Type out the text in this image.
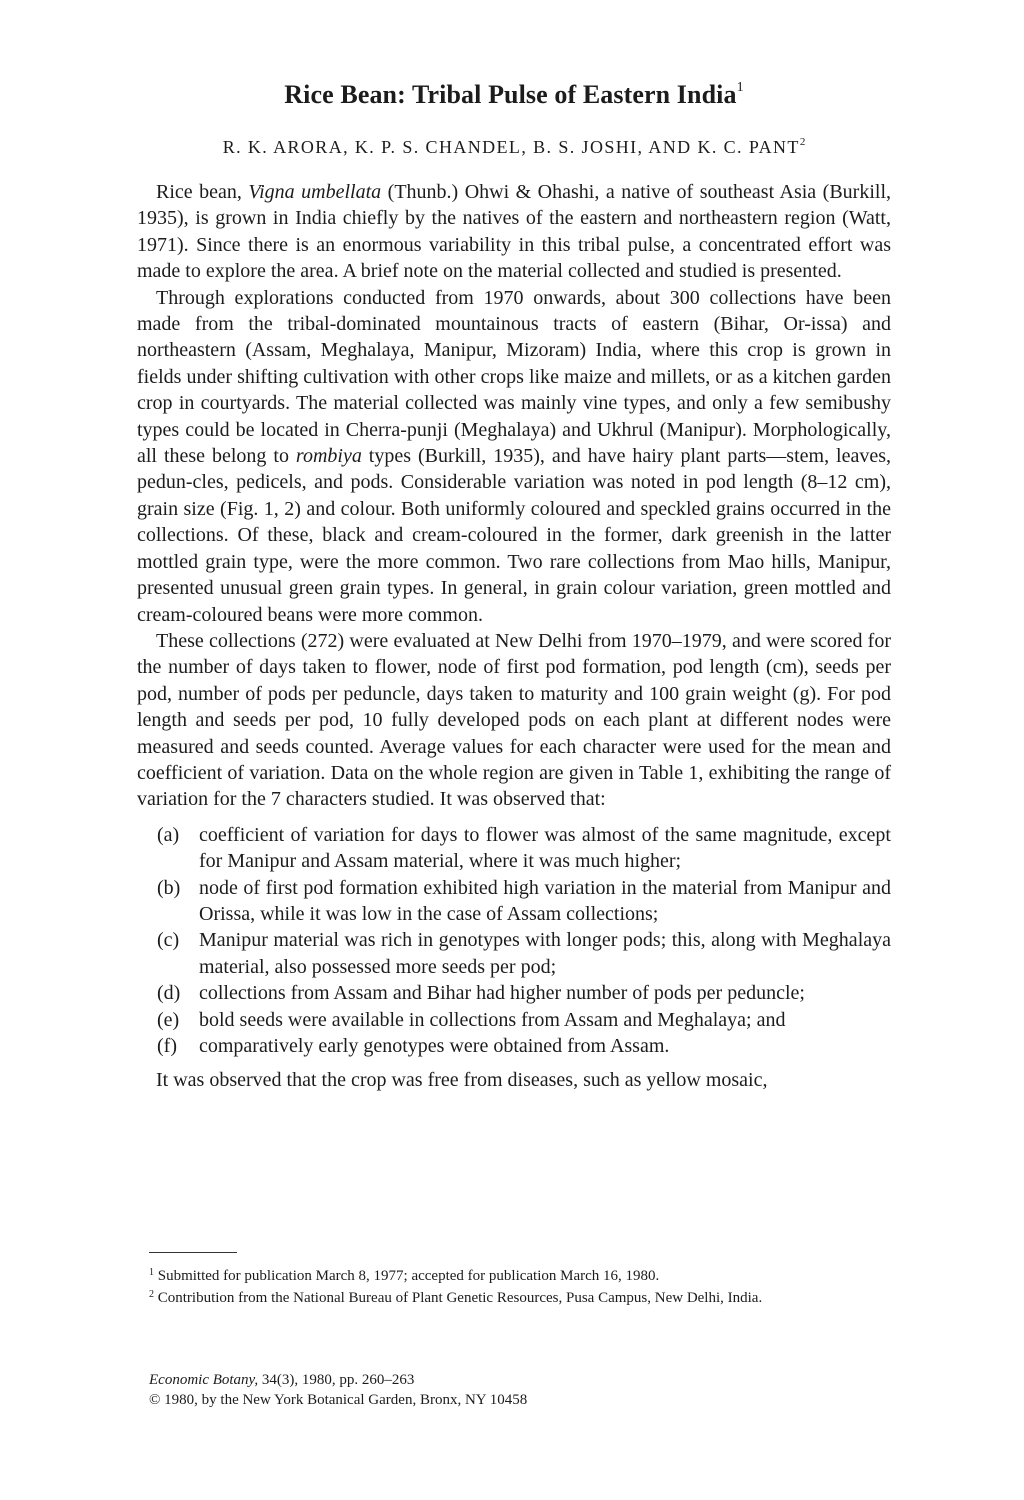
Rice Bean: Tribal Pulse of Eastern India$^1$
R. K. ARORA, K. P. S. CHANDEL, B. S. JOSHI, AND K. C. PANT$^2$

Rice bean, Vigna umbellata (Thunb.) Ohwi & Ohashi, a native of southeast Asia (Burkill, 1935), is grown in India chiefly by the natives of the eastern and northeastern region (Watt, 1971). Since there is an enormous variability in this tribal pulse, a concentrated effort was made to explore the area. A brief note on the material collected and studied is presented.

Through explorations conducted from 1970 onwards, about 300 collections have been made from the tribal-dominated mountainous tracts of eastern (Bihar, Or-issa) and northeastern (Assam, Meghalaya, Manipur, Mizoram) India, where this crop is grown in fields under shifting cultivation with other crops like maize and millets, or as a kitchen garden crop in courtyards. The material collected was mainly vine types, and only a few semibushy types could be located in Cherra-punji (Meghalaya) and Ukhrul (Manipur). Morphologically, all these belong to rombiya types (Burkill, 1935), and have hairy plant parts—stem, leaves, pedun-cles, pedicels, and pods. Considerable variation was noted in pod length (8–12 cm), grain size (Fig. 1, 2) and colour. Both uniformly coloured and speckled grains occurred in the collections. Of these, black and cream-coloured in the former, dark greenish in the latter mottled grain type, were the more common. Two rare collections from Mao hills, Manipur, presented unusual green grain types. In general, in grain colour variation, green mottled and cream-coloured beans were more common.

These collections (272) were evaluated at New Delhi from 1970–1979, and were scored for the number of days taken to flower, node of first pod formation, pod length (cm), seeds per pod, number of pods per peduncle, days taken to maturity and 100 grain weight (g). For pod length and seeds per pod, 10 fully developed pods on each plant at different nodes were measured and seeds counted. Average values for each character were used for the mean and coefficient of variation. Data on the whole region are given in Table 1, exhibiting the range of variation for the 7 characters studied. It was observed that:

(a) coefficient of variation for days to flower was almost of the same magnitude, except for Manipur and Assam material, where it was much higher;
(b) node of first pod formation exhibited high variation in the material from Manipur and Orissa, while it was low in the case of Assam collections;
(c) Manipur material was rich in genotypes with longer pods; this, along with Meghalaya material, also possessed more seeds per pod;
(d) collections from Assam and Bihar had higher number of pods per peduncle;
(e) bold seeds were available in collections from Assam and Meghalaya; and
(f) comparatively early genotypes were obtained from Assam.

It was observed that the crop was free from diseases, such as yellow mosaic,

$^1$ Submitted for publication March 8, 1977; accepted for publication March 16, 1980.

$^2$ Contribution from the National Bureau of Plant Genetic Resources, Pusa Campus, New Delhi, India.

Economic Botany, 34(3), 1980, pp. 260–263
© 1980, by the New York Botanical Garden, Bronx, NY 10458
